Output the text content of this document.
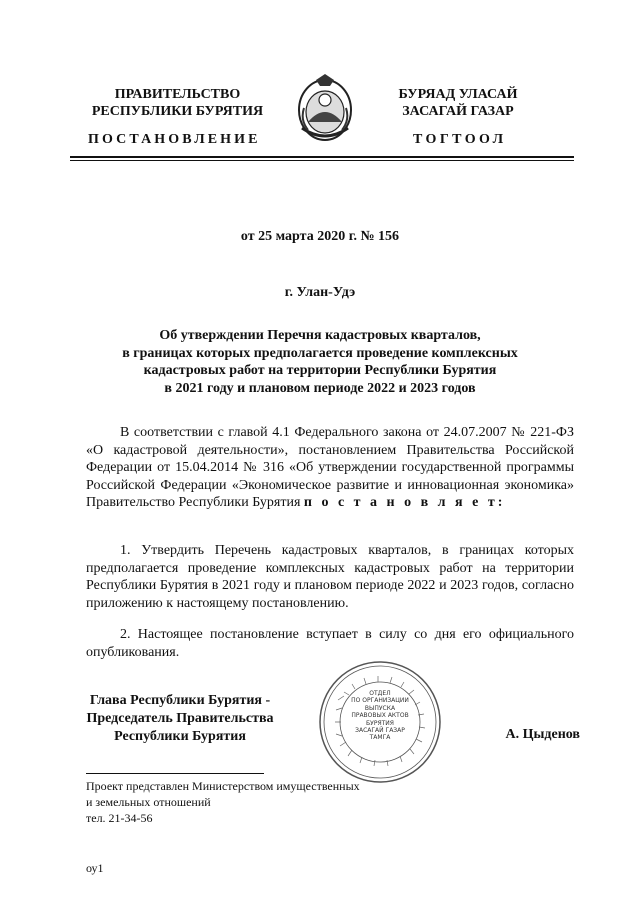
ПРАВИТЕЛЬСТВО
РЕСПУБЛИКИ БУРЯТИЯ
БУРЯАД УЛАСАЙ
ЗАСАГАЙ ГАЗАР
ПОСТАНОВЛЕНИЕ	ТОГТООЛ
от 25 марта 2020 г. № 156
г. Улан-Удэ
Об утверждении Перечня кадастровых кварталов,
в границах которых предполагается проведение комплексных
кадастровых работ на территории Республики Бурятия
в 2021 году и плановом периоде 2022 и 2023 годов
В соответствии с главой 4.1 Федерального закона от 24.07.2007 № 221-ФЗ «О кадастровой деятельности», постановлением Правительства Российской Федерации от 15.04.2014 № 316 «Об утверждении государственной программы Российской Федерации «Экономическое развитие и инновационная экономика» Правительство Республики Бурятия п о с т а н о в л я е т:
1. Утвердить Перечень кадастровых кварталов, в границах которых предполагается проведение комплексных кадастровых работ на территории Республики Бурятия в 2021 году и плановом периоде 2022 и 2023 годов, согласно приложению к настоящему постановлению.
2. Настоящее постановление вступает в силу со дня его официального опубликования.
ОТДЕЛ
ПО ОРГАНИЗАЦИИ
ВЫПУСКА
ПРАВОВЫХ АКТОВ
БУРЯТИЯ
ЗАСАГАЙ ГАЗАР
ТАМГА
Глава Республики Бурятия -
Председатель Правительства
Республики Бурятия	А. Цыденов
Проект представлен Министерством имущественных
и земельных отношений
тел. 21-34-56
оу1
